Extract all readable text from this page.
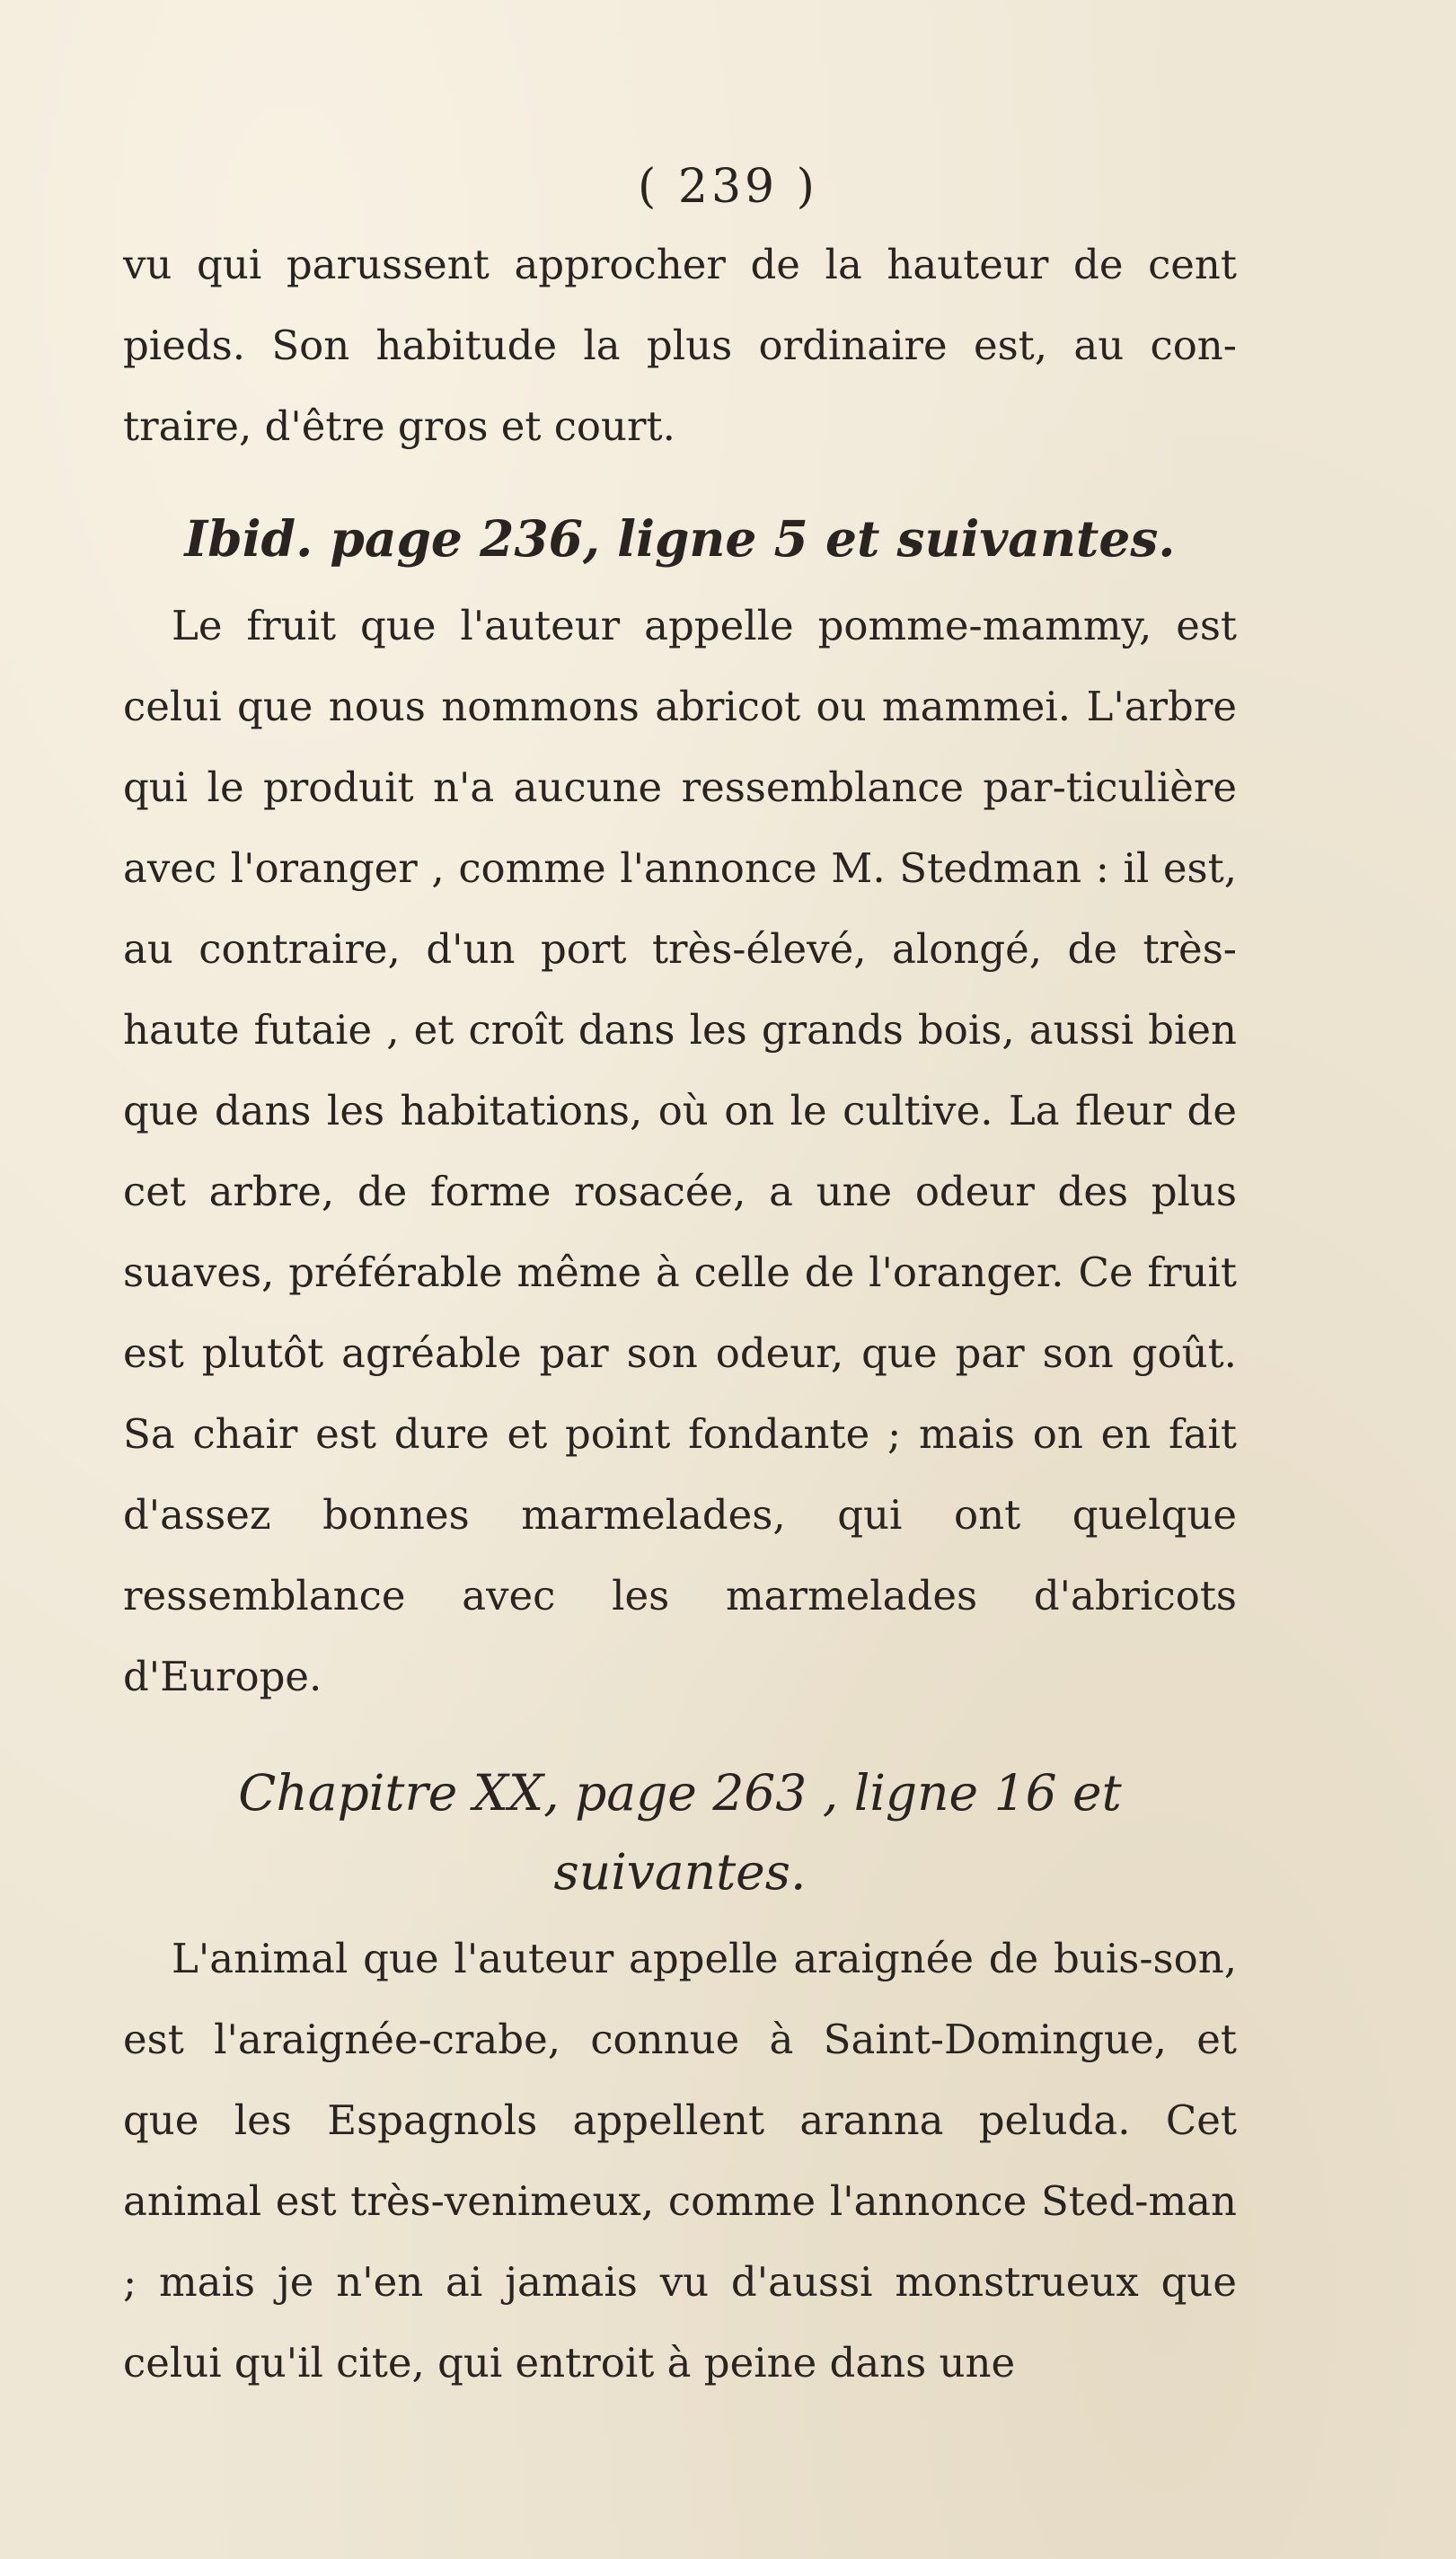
( 239 )

vu qui parussent approcher de la hauteur de cent pieds. Son habitude la plus ordinaire est, au con-traire, d'être gros et court.

Ibid. page 236, ligne 5 et suivantes.

Le fruit que l'auteur appelle pomme-mammy, est celui que nous nommons abricot ou mammei. L'arbre qui le produit n'a aucune ressemblance par-ticulière avec l'oranger , comme l'annonce M. Stedman : il est, au contraire, d'un port très-élevé, alongé, de très-haute futaie , et croît dans les grands bois, aussi bien que dans les habitations, où on le cultive. La fleur de cet arbre, de forme rosacée, a une odeur des plus suaves, préférable même à celle de l'oranger. Ce fruit est plutôt agréable par son odeur, que par son goût. Sa chair est dure et point fondante ; mais on en fait d'assez bonnes marmelades, qui ont quelque ressemblance avec les marmelades d'abricots d'Europe.

Chapitre XX, page 263 , ligne 16 et suivantes.

L'animal que l'auteur appelle araignée de buis-son, est l'araignée-crabe, connue à Saint-Domingue, et que les Espagnols appellent aranna peluda. Cet animal est très-venimeux, comme l'annonce Sted-man ; mais je n'en ai jamais vu d'aussi monstrueux que celui qu'il cite, qui entroit à peine dans une
